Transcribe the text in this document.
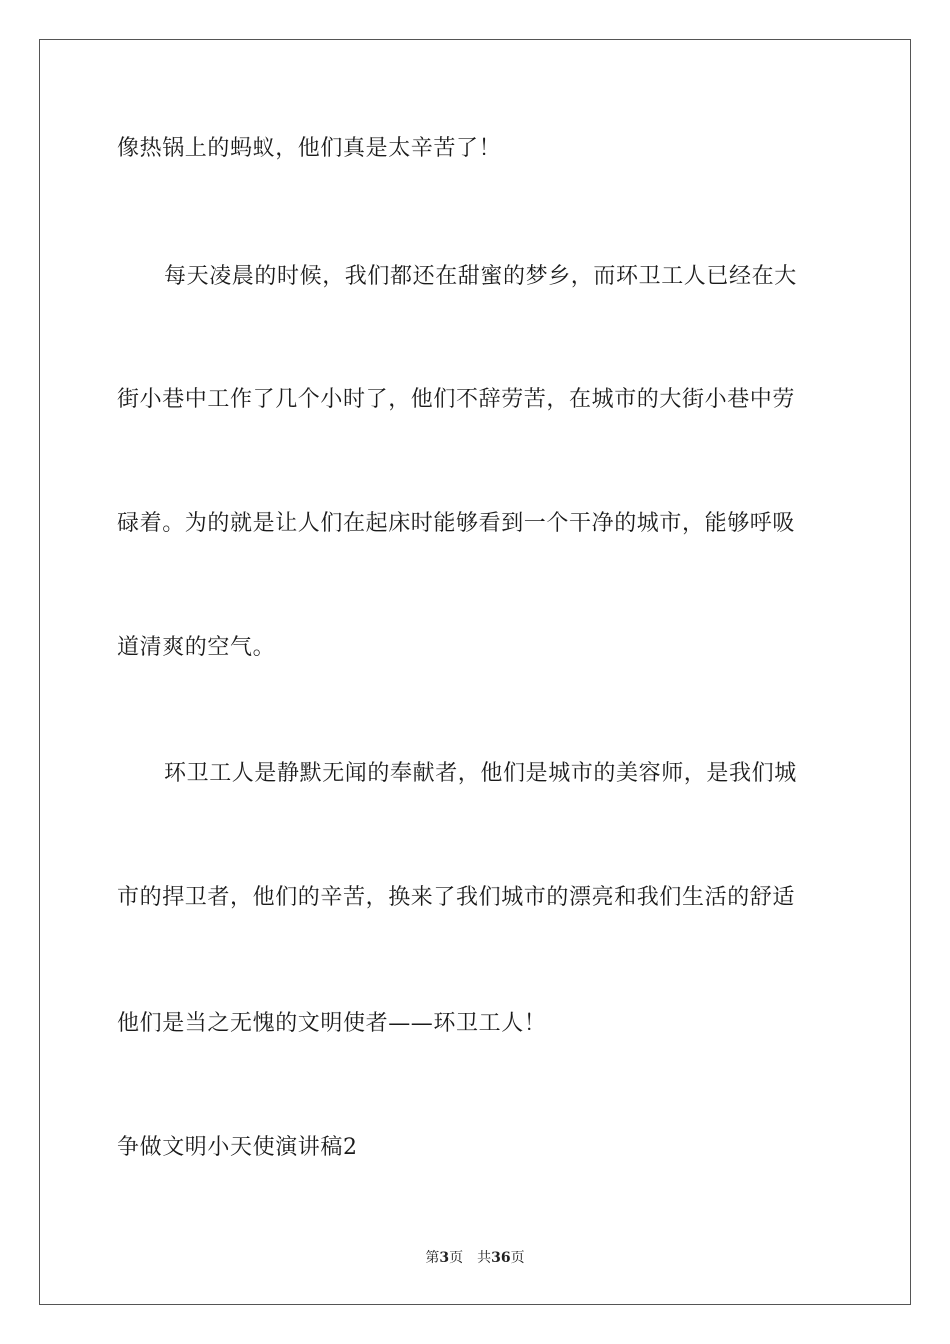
像热锅上的蚂蚁，他们真是太辛苦了！
每天凌晨的时候，我们都还在甜蜜的梦乡，而环卫工人已经在大
街小巷中工作了几个小时了，他们不辞劳苦，在城市的大街小巷中劳
碌着。为的就是让人们在起床时能够看到一个干净的城市，能够呼吸
道清爽的空气。
环卫工人是静默无闻的奉献者，他们是城市的美容师，是我们城
市的捍卫者，他们的辛苦，换来了我们城市的漂亮和我们生活的舒适
他们是当之无愧的文明使者——环卫工人！
争做文明小天使演讲稿2
第3页 共36页
